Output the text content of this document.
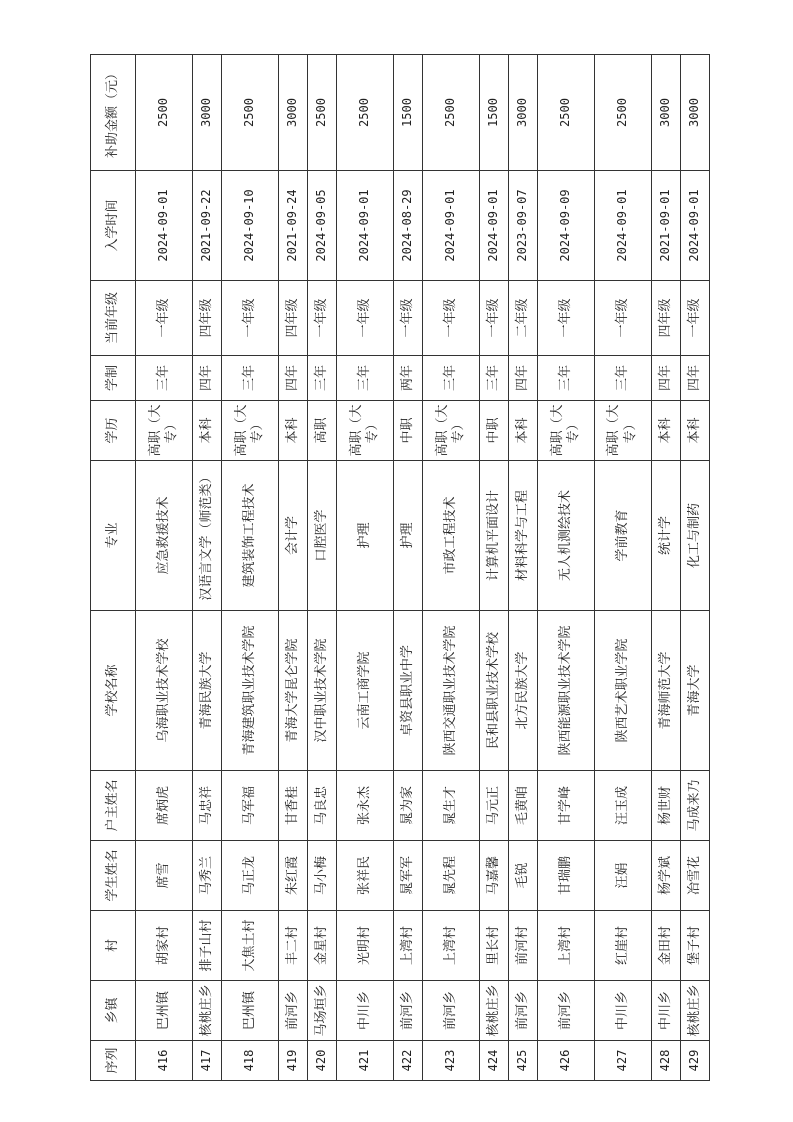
序列	乡镇	村	学生姓名	户主姓名	学校名称	专业	学历	学制	当前年级	入学时间	补助金额（元）
416	巴州镇	胡家村	席雪	席炳虎	乌海职业技术学校	应急救援技术	高职（大专）	三年	一年级	2024-09-01	2500
417	核桃庄乡	排子山村	马秀兰	马忠祥	青海民族大学	汉语言文学（师范类）	本科	四年	四年级	2021-09-22	3000
418	巴州镇	大焦土村	马正龙	马军福	青海建筑职业技术学院	建筑装饰工程技术	高职（大专）	三年	一年级	2024-09-10	2500
419	前河乡	丰二村	朱红霞	甘香桂	青海大学昆仑学院	会计学	本科	四年	四年级	2021-09-24	3000
420	马场垣乡	金星村	马小梅	马良忠	汉中职业技术学院	口腔医学	高职	三年	一年级	2024-09-05	2500
421	中川乡	光明村	张祥民	张永杰	云南工商学院	护理	高职（大专）	三年	一年级	2024-09-01	2500
422	前河乡	上湾村	晁军军	晁为家	卓资县职业中学	护理	中职	两年	一年级	2024-08-29	1500
423	前河乡	上湾村	晁先程	晁生才	陕西交通职业技术学院	市政工程技术	高职（大专）	三年	一年级	2024-09-01	2500
424	核桃庄乡	里长村	马嘉馨	马元正	民和县职业技术学校	计算机平面设计	中职	三年	一年级	2024-09-01	1500
425	前河乡	前河村	毛锐	毛黄咱	北方民族大学	材料科学与工程	本科	四年	二年级	2023-09-07	3000
426	前河乡	上湾村	甘瑞鹏	甘学峰	陕西能源职业技术学院	无人机测绘技术	高职（大专）	三年	一年级	2024-09-09	2500
427	中川乡	红崖村	汪娟	汪玉成	陕西艺术职业学院	学前教育	高职（大专）	三年	一年级	2024-09-01	2500
428	中川乡	金田村	杨学斌	杨世财	青海师范大学	统计学	本科	四年	四年级	2021-09-01	3000
429	核桃庄乡	堡子村	冶雪花	马成来乃	青海大学	化工与制药	本科	四年	一年级	2024-09-01	3000
